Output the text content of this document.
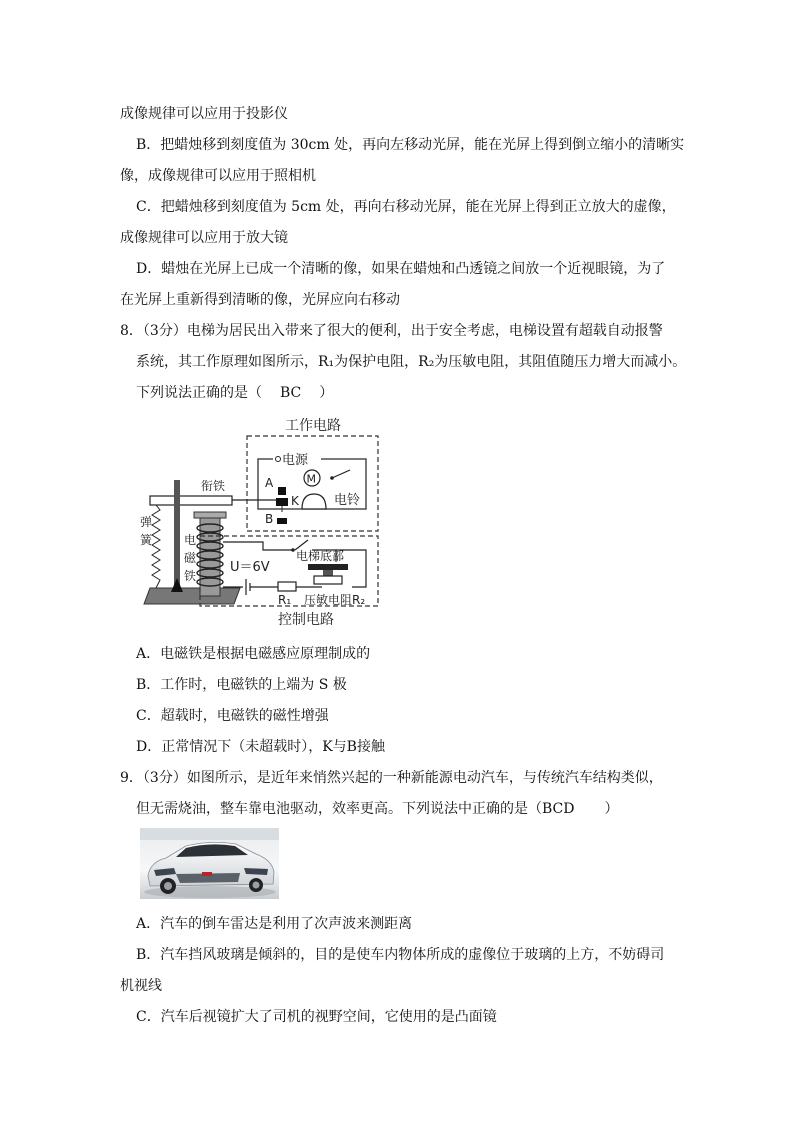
成像规律可以应用于投影仪
B．把蜡烛移到刻度值为 30cm 处，再向左移动光屏，能在光屏上得到倒立缩小的清晰实
像，成像规律可以应用于照相机
C．把蜡烛移到刻度值为 5cm 处，再向右移动光屏，能在光屏上得到正立放大的虚像，
成像规律可以应用于放大镜
D．蜡烛在光屏上已成一个清晰的像，如果在蜡烛和凸透镜之间放一个近视眼镜，为了
在光屏上重新得到清晰的像，光屏应向右移动
8．（3分）电梯为居民出入带来了很大的便利，出于安全考虑，电梯设置有超载自动报警
系统，其工作原理如图所示，R₁为保护电阻，R₂为压敏电阻，其阻值随压力增大而减小。
下列说法正确的是（ BC ）
工作电路
电源
M
电铃
A
K
B
衔铁
弹
簧	电
磁
铁
控制电路
U＝6V
R₁
电梯底部
压敏电阻R₂
A．电磁铁是根据电磁感应原理制成的
B．工作时，电磁铁的上端为 S 极
C．超载时，电磁铁的磁性增强
D．正常情况下（未超载时），K与B接触
9．（3分）如图所示，是近年来悄然兴起的一种新能源电动汽车，与传统汽车结构类似，
但无需烧油，整车靠电池驱动，效率更高。下列说法中正确的是（BCD ）
A．汽车的倒车雷达是利用了次声波来测距离
B．汽车挡风玻璃是倾斜的，目的是使车内物体所成的虚像位于玻璃的上方，不妨碍司
机视线
C．汽车后视镜扩大了司机的视野空间，它使用的是凸面镜
